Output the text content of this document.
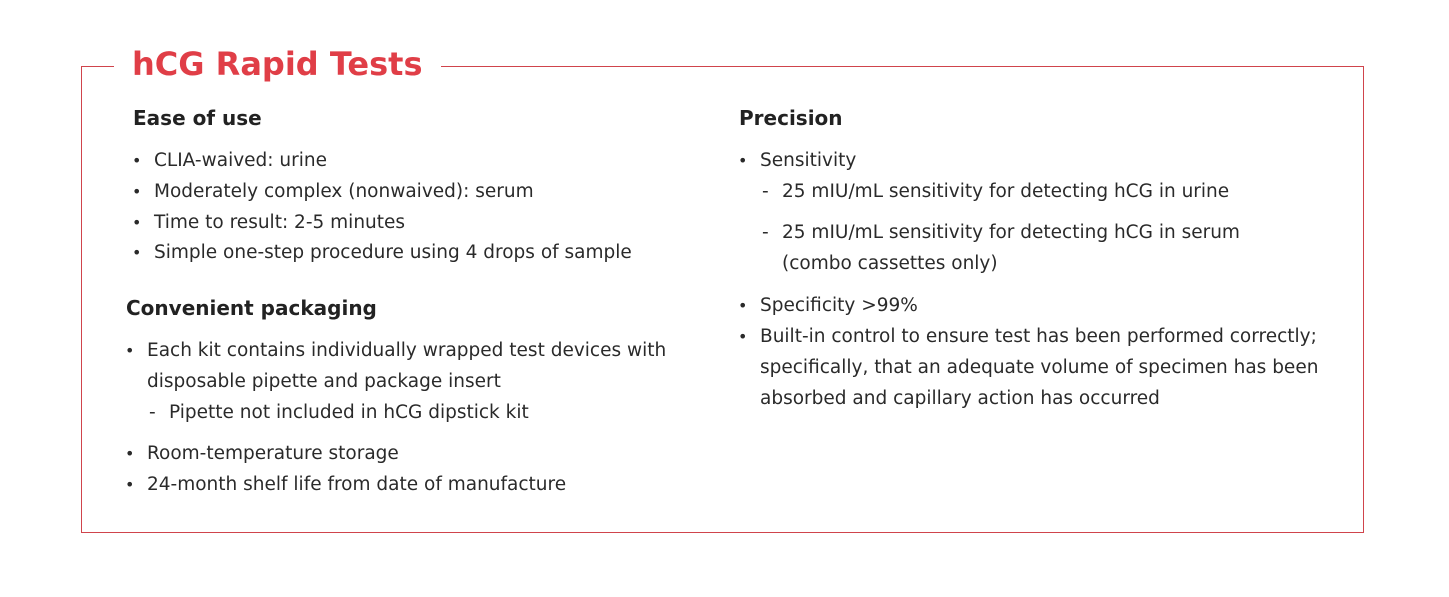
hCG Rapid Tests
Ease of use
• CLIA-waived: urine
• Moderately complex (nonwaived): serum
• Time to result: 2-5 minutes
• Simple one-step procedure using 4 drops of sample
Convenient packaging
• Each kit contains individually wrapped test devices with
disposable pipette and package insert
- Pipette not included in hCG dipstick kit
• Room-temperature storage
• 24-month shelf life from date of manufacture
Precision
• Sensitivity
- 25 mIU/mL sensitivity for detecting hCG in urine
- 25 mIU/mL sensitivity for detecting hCG in serum
(combo cassettes only)
• Specificity >99%
• Built-in control to ensure test has been performed correctly;
specifically, that an adequate volume of specimen has been
absorbed and capillary action has occurred
